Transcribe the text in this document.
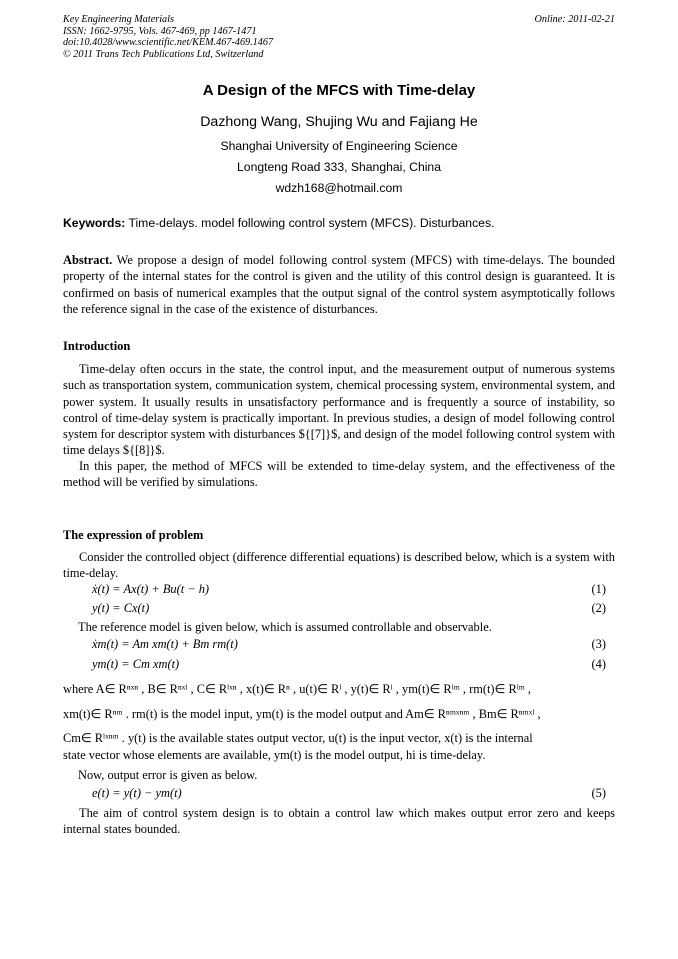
Key Engineering Materials
ISSN: 1662-9795, Vols. 467-469, pp 1467-1471
doi:10.4028/www.scientific.net/KEM.467-469.1467
© 2011 Trans Tech Publications Ltd, Switzerland
Online: 2011-02-21
A Design of the MFCS with Time-delay
Dazhong Wang, Shujing Wu and Fajiang He
Shanghai University of Engineering Science
Longteng Road 333, Shanghai, China
wdzh168@hotmail.com
Keywords: Time-delays. model following control system (MFCS). Disturbances.
Abstract. We propose a design of model following control system (MFCS) with time-delays. The bounded property of the internal states for the control is given and the utility of this control design is guaranteed. It is confirmed on basis of numerical examples that the output signal of the control system asymptotically follows the reference signal in the case of the existence of disturbances.
Introduction
Time-delay often occurs in the state, the control input, and the measurement output of numerous systems such as transportation system, communication system, chemical processing system, environmental system, and power system. It usually results in unsatisfactory performance and is frequently a source of instability, so control of time-delay system is practically important. In previous studies, a design of model following control system for descriptor system with disturbances ${[7]}$, and design of the model following control system with time delays ${[8]}$.
In this paper, the method of MFCS will be extended to time-delay system, and the effectiveness of the method will be verified by simulations.
The expression of problem
Consider the controlled object (difference differential equations) is described below, which is a system with time-delay.
ẋ(t) = Ax(t) + Bu(t − h)	(1)
y(t) = Cx(t)	(2)
The reference model is given below, which is assumed controllable and observable.
ẋm(t) = Am xm(t) + Bm rm(t)	(3)
ym(t) = Cm xm(t)	(4)
where A∈ Rⁿˣⁿ , B∈ Rⁿˣˡ , C∈ Rˡˣⁿ , x(t)∈ Rⁿ , u(t)∈ Rˡ , y(t)∈ Rˡ , ym(t)∈ Rˡᵐ , rm(t)∈ Rˡᵐ ,
xm(t)∈ Rⁿᵐ . rm(t) is the model input, ym(t) is the model output and Am∈ Rⁿᵐˣⁿᵐ , Bm∈ Rⁿᵐˣˡ ,
Cm∈ Rˡˣⁿᵐ . y(t) is the available states output vector, u(t) is the input vector, x(t) is the internal
state vector whose elements are available, ym(t) is the model output, hi is time-delay.
Now, output error is given as below.
e(t) = y(t) − ym(t)	(5)
The aim of control system design is to obtain a control law which makes output error zero and keeps internal states bounded.
